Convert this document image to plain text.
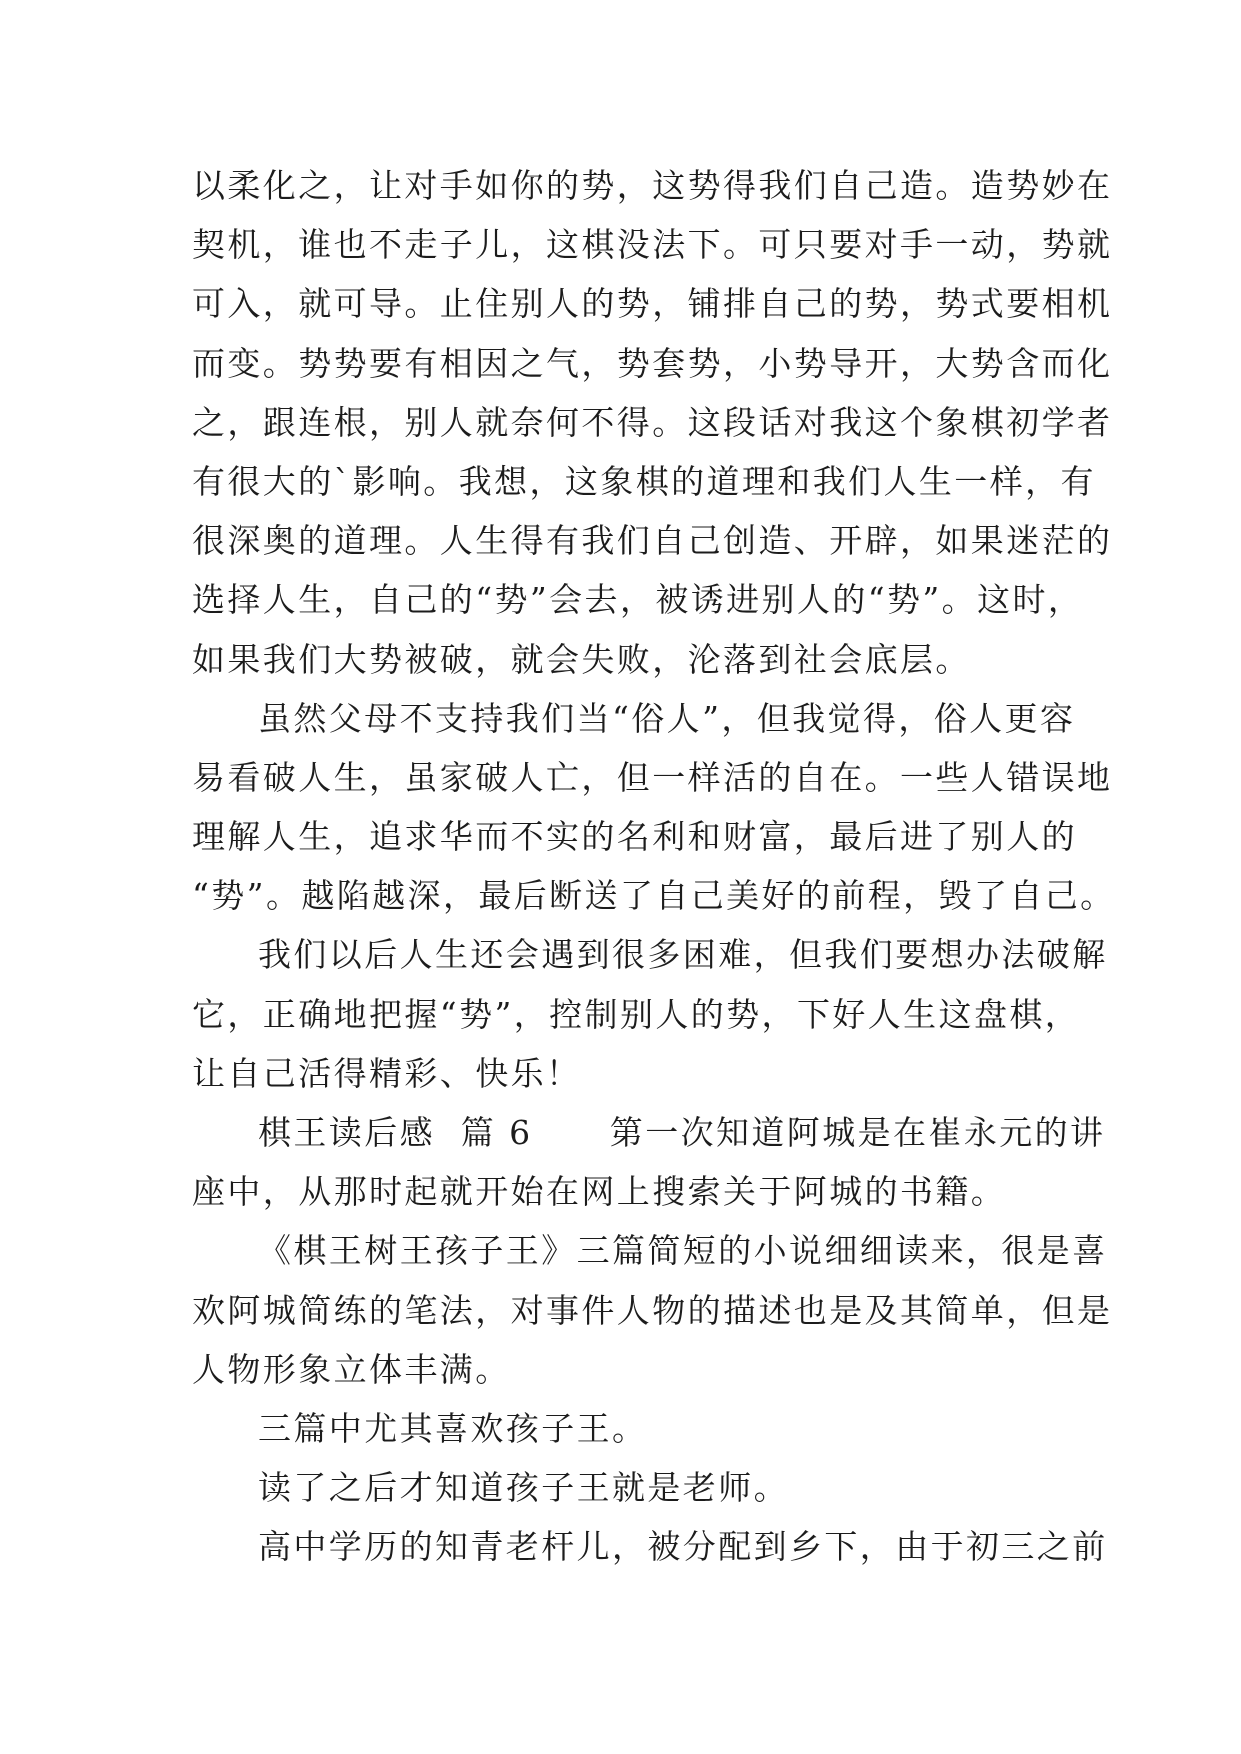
以柔化之，让对手如你的势，这势得我们自己造。造势妙在
契机，谁也不走子儿，这棋没法下。可只要对手一动，势就
可入，就可导。止住别人的势，铺排自己的势，势式要相机
而变。势势要有相因之气，势套势，小势导开，大势含而化
之，跟连根，别人就奈何不得。这段话对我这个象棋初学者
有很大的`影响。我想，这象棋的道理和我们人生一样，有
很深奥的道理。人生得有我们自己创造、开辟，如果迷茫的
选择人生，自己的“势”会去，被诱进别人的“势”。这时，
如果我们大势被破，就会失败，沦落到社会底层。
虽然父母不支持我们当“俗人”，但我觉得，俗人更容
易看破人生，虽家破人亡，但一样活的自在。一些人错误地
理解人生，追求华而不实的名利和财富，最后进了别人的
“势”。越陷越深，最后断送了自己美好的前程，毁了自己。
我们以后人生还会遇到很多困难，但我们要想办法破解
它，正确地把握“势”，控制别人的势，下好人生这盘棋，
让自己活得精彩、快乐！
棋王读后感  篇 6      第一次知道阿城是在崔永元的讲
座中，从那时起就开始在网上搜索关于阿城的书籍。
《棋王树王孩子王》三篇简短的小说细细读来，很是喜
欢阿城简练的笔法，对事件人物的描述也是及其简单，但是
人物形象立体丰满。
三篇中尤其喜欢孩子王。
读了之后才知道孩子王就是老师。
高中学历的知青老杆儿，被分配到乡下，由于初三之前
